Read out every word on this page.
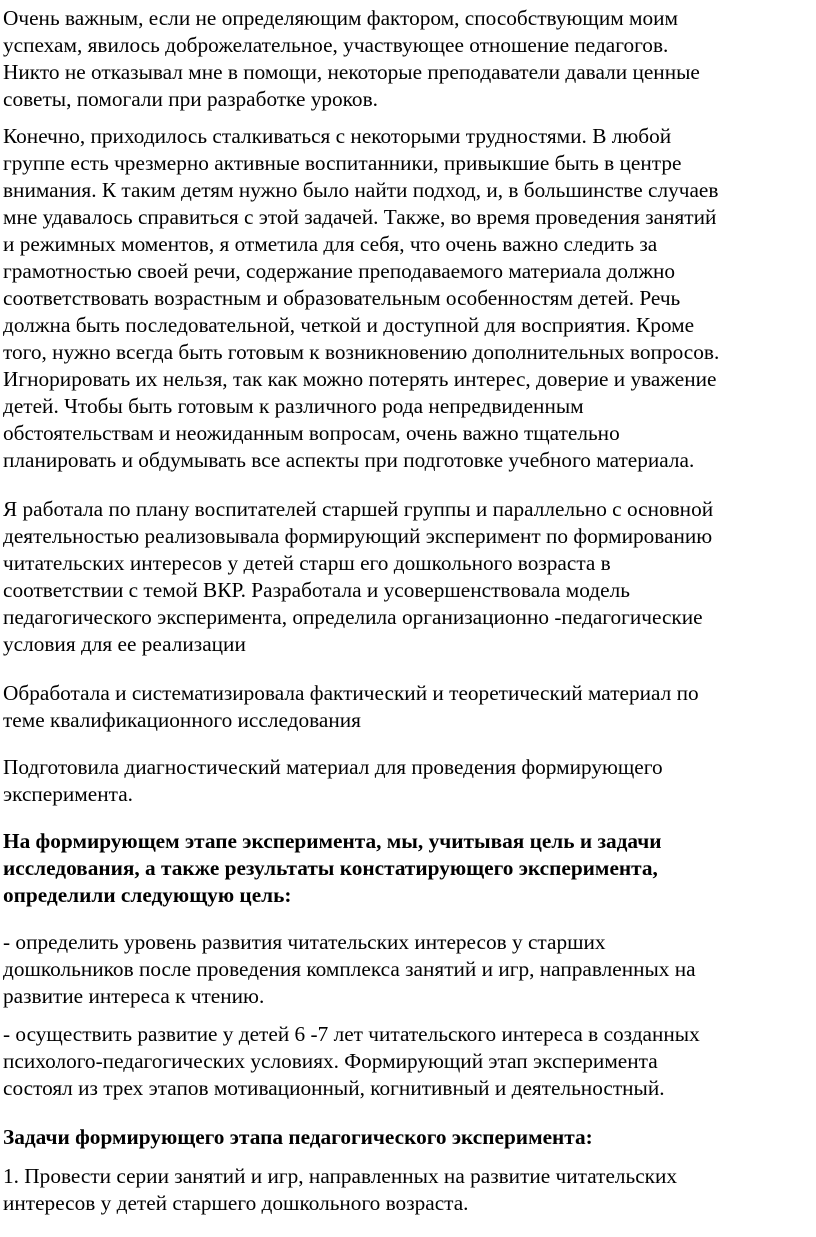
Очень важным, если не определяющим фактором, способствующим моим
успехам, явилось доброжелательное, участвующее отношение педагогов.
Никто не отказывал мне в помощи, некоторые преподаватели давали ценные
советы, помогали при разработке уроков.
Конечно, приходилось сталкиваться с некоторыми трудностями. В любой
группе есть чрезмерно активные воспитанники, привыкшие быть в центре
внимания. К таким детям нужно было найти подход, и, в большинстве случаев
мне удавалось справиться с этой задачей. Также, во время проведения занятий
и режимных моментов, я отметила для себя, что очень важно следить за
грамотностью своей речи, содержание преподаваемого материала должно
соответствовать возрастным и образовательным особенностям детей. Речь
должна быть последовательной, четкой и доступной для восприятия. Кроме
того, нужно всегда быть готовым к возникновению дополнительных вопросов.
Игнорировать их нельзя, так как можно потерять интерес, доверие и уважение
детей. Чтобы быть готовым к различного рода непредвиденным
обстоятельствам и неожиданным вопросам, очень важно тщательно
планировать и обдумывать все аспекты при подготовке учебного материала.
Я работала по плану воспитателей старшей группы и параллельно с основной
деятельностью реализовывала формирующий эксперимент по формированию
читательских интересов у детей старш его дошкольного возраста в
соответствии с темой ВКР. Разработала и усовершенствовала модель
педагогического эксперимента, определила организационно -педагогические
условия для ее реализации
Обработала и систематизировала фактический и теоретический материал по
теме квалификационного исследования
Подготовила диагностический материал для проведения формирующего
эксперимента.
На формирующем этапе эксперимента, мы, учитывая цель и задачи
исследования, а также результаты констатирующего эксперимента,
определили следующую цель:
- определить уровень развития читательских интересов у старших
дошкольников после проведения комплекса занятий и игр, направленных на
развитие интереса к чтению.
- осуществить развитие у детей 6 -7 лет читательского интереса в созданных
психолого-педагогических условиях. Формирующий этап эксперимента
состоял из трех этапов мотивационный, когнитивный и деятельностный.
Задачи формирующего этапа педагогического эксперимента:
1. Провести серии занятий и игр, направленных на развитие читательских
интересов у детей старшего дошкольного возраста.
